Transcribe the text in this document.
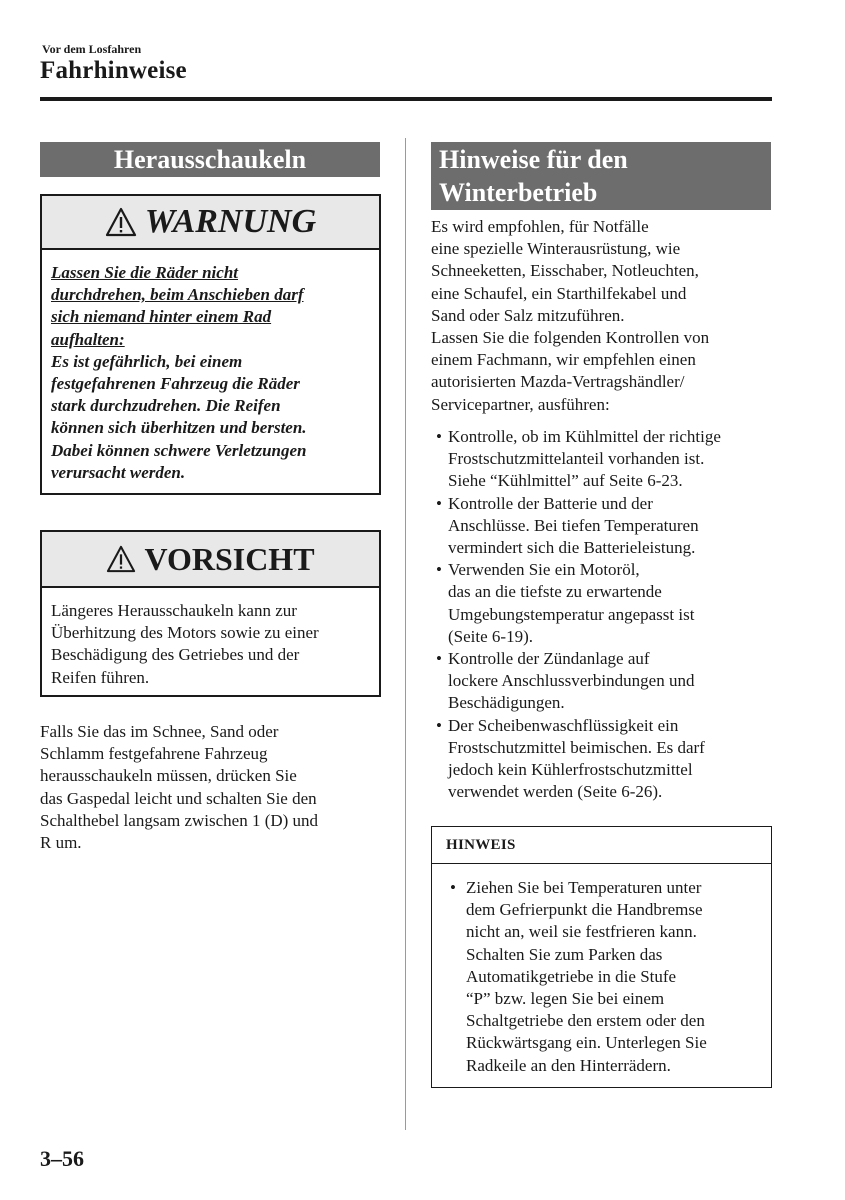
Vor dem Losfahren
Fahrhinweise
Herausschaukeln
WARNUNG
Lassen Sie die Räder nicht
durchdrehen, beim Anschieben darf
sich niemand hinter einem Rad
aufhalten:
Es ist gefährlich, bei einem
festgefahrenen Fahrzeug die Räder
stark durchzudrehen. Die Reifen
können sich überhitzen und bersten.
Dabei können schwere Verletzungen
verursacht werden.
VORSICHT
Längeres Herausschaukeln kann zur
Überhitzung des Motors sowie zu einer
Beschädigung des Getriebes und der
Reifen führen.
Falls Sie das im Schnee, Sand oder
Schlamm festgefahrene Fahrzeug
herausschaukeln müssen, drücken Sie
das Gaspedal leicht und schalten Sie den
Schalthebel langsam zwischen 1 (D) und
R um.
Hinweise für den
Winterbetrieb
Es wird empfohlen, für Notfälle
eine spezielle Winterausrüstung, wie
Schneeketten, Eisschaber, Notleuchten,
eine Schaufel, ein Starthilfekabel und
Sand oder Salz mitzuführen.
Lassen Sie die folgenden Kontrollen von
einem Fachmann, wir empfehlen einen
autorisierten Mazda-Vertragshändler/
Servicepartner, ausführen:
• Kontrolle, ob im Kühlmittel der richtige
Frostschutzmittelanteil vorhanden ist.
Siehe “Kühlmittel” auf Seite 6-23.
• Kontrolle der Batterie und der
Anschlüsse. Bei tiefen Temperaturen
vermindert sich die Batterieleistung.
• Verwenden Sie ein Motoröl,
das an die tiefste zu erwartende
Umgebungstemperatur angepasst ist
(Seite 6-19).
• Kontrolle der Zündanlage auf
lockere Anschlussverbindungen und
Beschädigungen.
• Der Scheibenwaschflüssigkeit ein
Frostschutzmittel beimischen. Es darf
jedoch kein Kühlerfrostschutzmittel
verwendet werden (Seite 6-26).
HINWEIS
• Ziehen Sie bei Temperaturen unter
dem Gefrierpunkt die Handbremse
nicht an, weil sie festfrieren kann.
Schalten Sie zum Parken das
Automatikgetriebe in die Stufe
“P” bzw. legen Sie bei einem
Schaltgetriebe den erstem oder den
Rückwärtsgang ein. Unterlegen Sie
Radkeile an den Hinterrädern.
3–56
